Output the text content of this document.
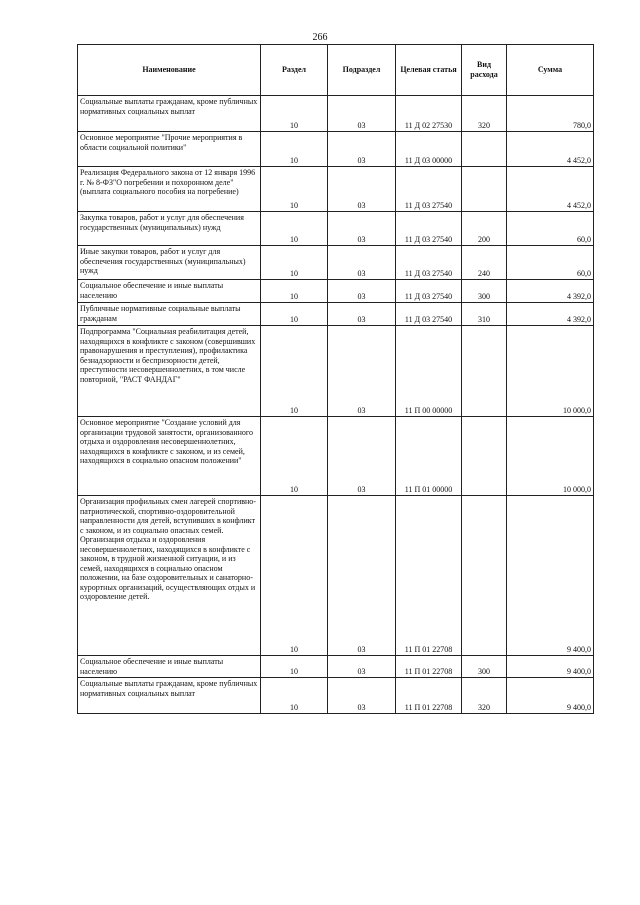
266
Наименование	Раздел	Подраздел	Целевая статья	Вид расхода	Сумма
Социальные выплаты гражданам, кроме публичных нормативных социальных выплат	10	03	11 Д 02 27530	320	780,0
Основное мероприятие "Прочие мероприятия в области социальной политики"	10	03	11 Д 03 00000		4 452,0
Реализация Федерального закона от 12 января 1996 г. № 8-ФЗ"О погребении и похоронном деле" (выплата социального пособия на погребение)	10	03	11 Д 03 27540		4 452,0
Закупка товаров, работ и услуг для обеспечения государственных (муниципальных) нужд	10	03	11 Д 03 27540	200	60,0
Иные закупки товаров, работ и услуг для обеспечения государственных (муниципальных) нужд	10	03	11 Д 03 27540	240	60,0
Социальное обеспечение и иные выплаты населению	10	03	11 Д 03 27540	300	4 392,0
Публичные нормативные социальные выплаты гражданам	10	03	11 Д 03 27540	310	4 392,0
Подпрограмма "Социальная реабилитация детей, находящихся в конфликте с законом (совершивших правонарушения и преступления), профилактика безнадзорности и беспризорности детей, преступности несовершеннолетних, в том числе повторной, "РАСТ ФАНДАГ"	10	03	11 П 00 00000		10 000,0
Основное мероприятие "Создание условий для организации трудовой занятости, организованного отдыха и оздоровления несовершеннолетних, находящихся в конфликте с законом, и из семей, находящихся в социально опасном положении"	10	03	11 П 01 00000		10 000,0
Организация профильных смен лагерей спортивно-патриотической, спортивно-оздоровительной направленности для детей, вступивших в конфликт с законом, и из социально опасных семей. Организация отдыха и оздоровления несовершеннолетних, находящихся в конфликте с законом, в трудной жизненной ситуации, и из семей, находящихся в социально опасном положении, на базе оздоровительных и санаторно-курортных организаций, осуществляющих отдых и оздоровление детей.	10	03	11 П 01 22708		9 400,0
Социальное обеспечение и иные выплаты населению	10	03	11 П 01 22708	300	9 400,0
Социальные выплаты гражданам, кроме публичных нормативных социальных выплат	10	03	11 П 01 22708	320	9 400,0
